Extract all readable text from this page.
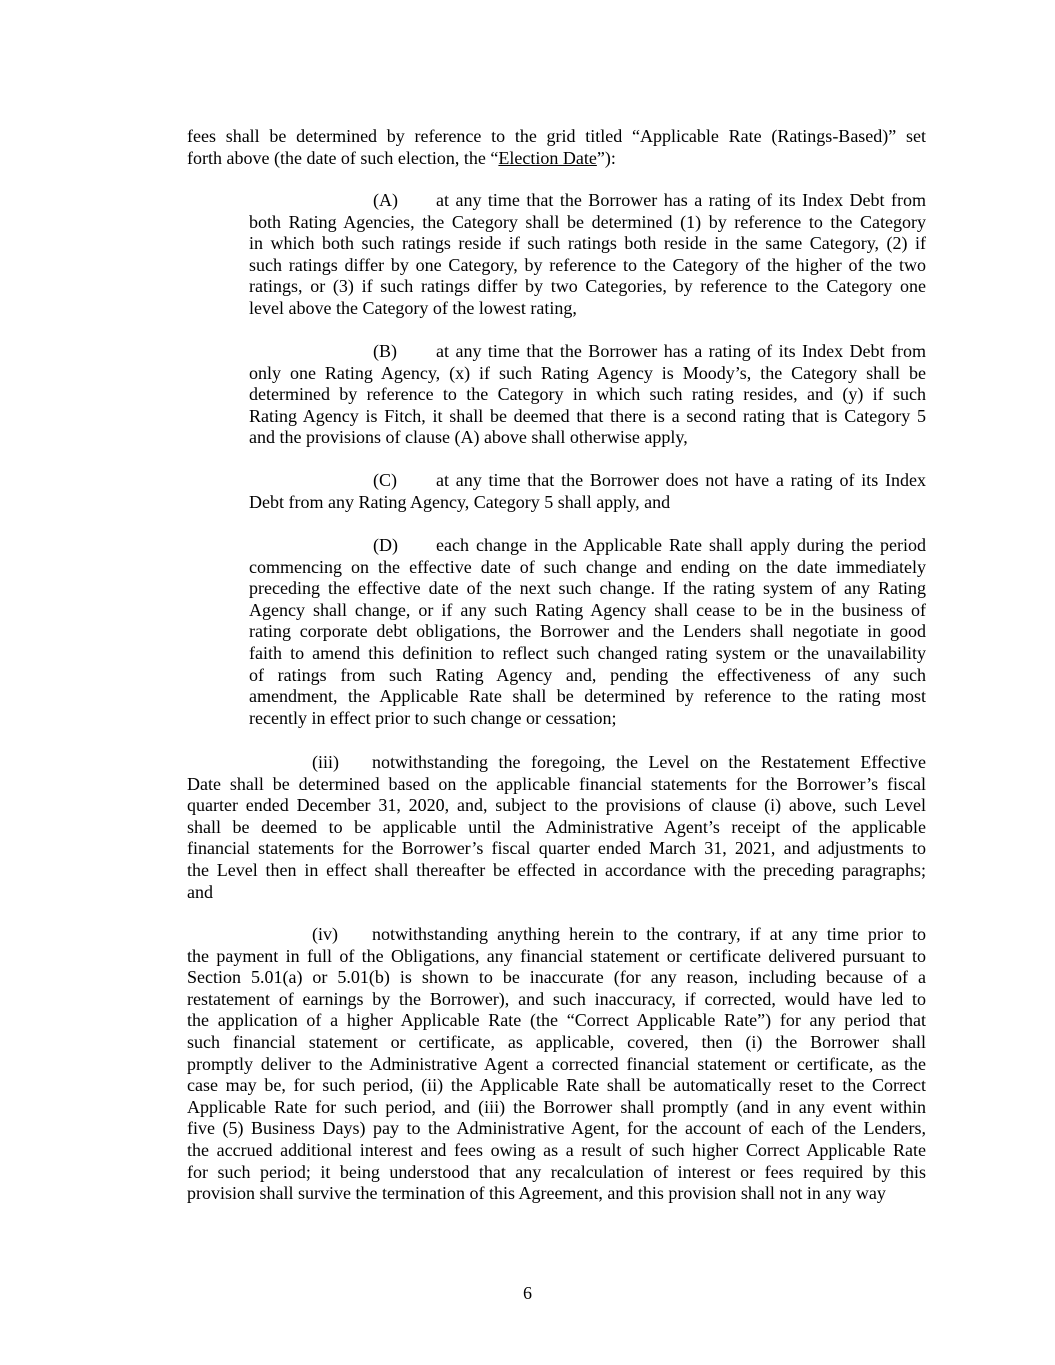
fees shall be determined by reference to the grid titled “Applicable Rate (Ratings-Based)” set
forth above (the date of such election, the “Election Date”):
(A) at any time that the Borrower has a rating of its Index Debt from
both Rating Agencies, the Category shall be determined (1) by reference to the Category
in which both such ratings reside if such ratings both reside in the same Category, (2) if
such ratings differ by one Category, by reference to the Category of the higher of the two
ratings, or (3) if such ratings differ by two Categories, by reference to the Category one
level above the Category of the lowest rating,
(B) at any time that the Borrower has a rating of its Index Debt from
only one Rating Agency, (x) if such Rating Agency is Moody’s, the Category shall be
determined by reference to the Category in which such rating resides, and (y) if such
Rating Agency is Fitch, it shall be deemed that there is a second rating that is Category 5
and the provisions of clause (A) above shall otherwise apply,
(C) at any time that the Borrower does not have a rating of its Index
Debt from any Rating Agency, Category 5 shall apply, and
(D) each change in the Applicable Rate shall apply during the period
commencing on the effective date of such change and ending on the date immediately
preceding the effective date of the next such change. If the rating system of any Rating
Agency shall change, or if any such Rating Agency shall cease to be in the business of
rating corporate debt obligations, the Borrower and the Lenders shall negotiate in good
faith to amend this definition to reflect such changed rating system or the unavailability
of ratings from such Rating Agency and, pending the effectiveness of any such
amendment, the Applicable Rate shall be determined by reference to the rating most
recently in effect prior to such change or cessation;
(iii) notwithstanding the foregoing, the Level on the Restatement Effective
Date shall be determined based on the applicable financial statements for the Borrower’s fiscal
quarter ended December 31, 2020, and, subject to the provisions of clause (i) above, such Level
shall be deemed to be applicable until the Administrative Agent’s receipt of the applicable
financial statements for the Borrower’s fiscal quarter ended March 31, 2021, and adjustments to
the Level then in effect shall thereafter be effected in accordance with the preceding paragraphs;
and
(iv) notwithstanding anything herein to the contrary, if at any time prior to
the payment in full of the Obligations, any financial statement or certificate delivered pursuant to
Section 5.01(a) or 5.01(b) is shown to be inaccurate (for any reason, including because of a
restatement of earnings by the Borrower), and such inaccuracy, if corrected, would have led to
the application of a higher Applicable Rate (the “Correct Applicable Rate”) for any period that
such financial statement or certificate, as applicable, covered, then (i) the Borrower shall
promptly deliver to the Administrative Agent a corrected financial statement or certificate, as the
case may be, for such period, (ii) the Applicable Rate shall be automatically reset to the Correct
Applicable Rate for such period, and (iii) the Borrower shall promptly (and in any event within
five (5) Business Days) pay to the Administrative Agent, for the account of each of the Lenders,
the accrued additional interest and fees owing as a result of such higher Correct Applicable Rate
for such period; it being understood that any recalculation of interest or fees required by this
provision shall survive the termination of this Agreement, and this provision shall not in any way
6
